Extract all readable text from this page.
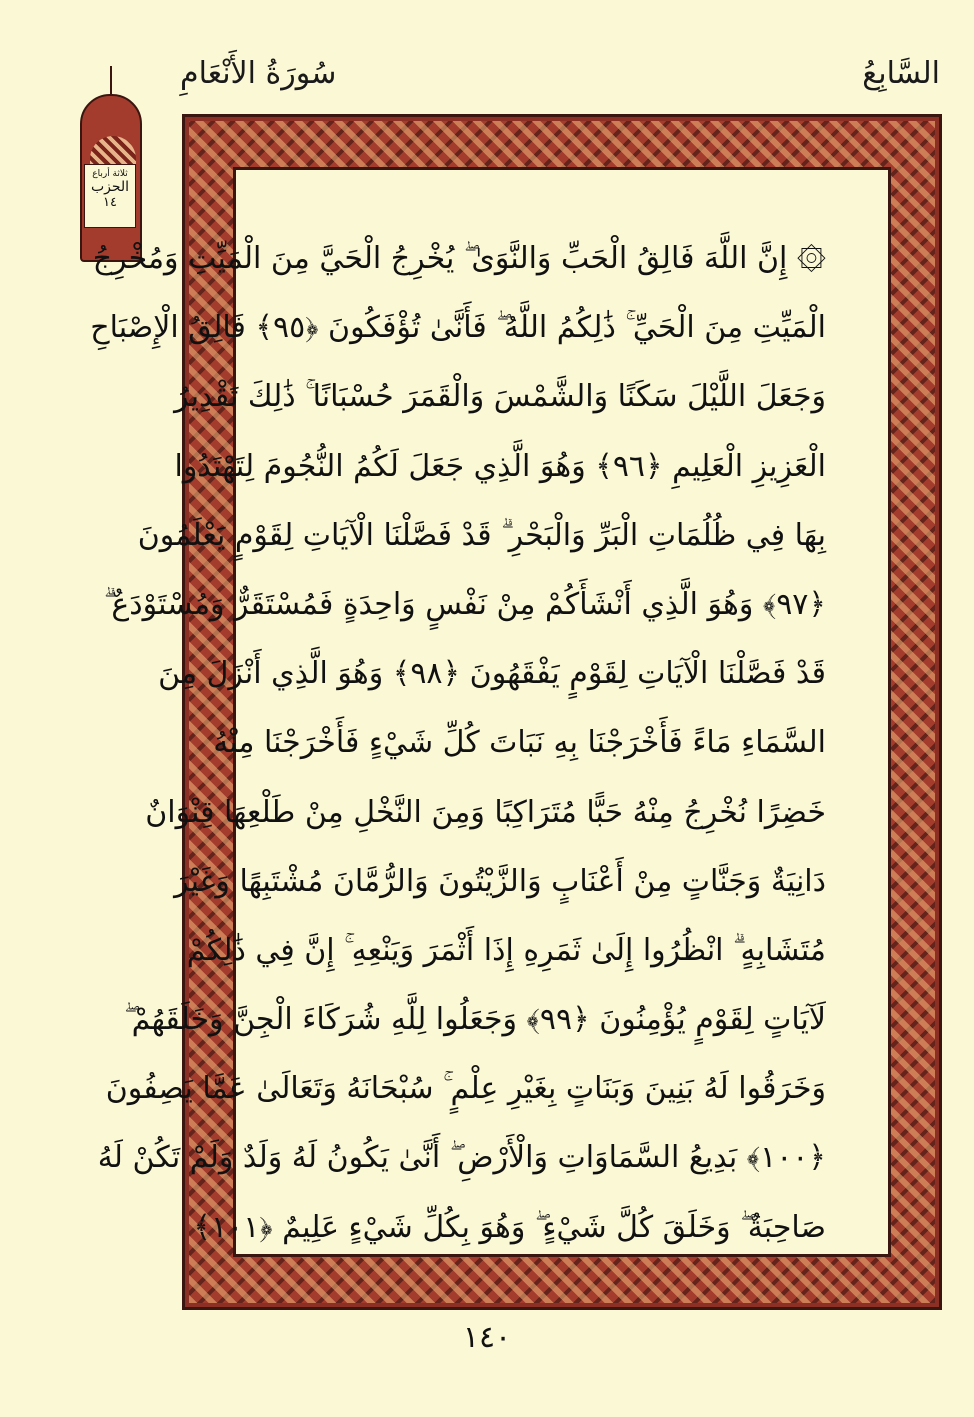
السَّابِعُ
سُورَةُ الأَنْعَامِ
ثلاثة أرباع
الحزب
١٤
۞ إِنَّ اللَّهَ فَالِقُ الْحَبِّ وَالنَّوَىٰ ۖ يُخْرِجُ الْحَيَّ مِنَ الْمَيِّتِ وَمُخْرِجُ
الْمَيِّتِ مِنَ الْحَيِّ ۚ ذَٰلِكُمُ اللَّهُ ۖ فَأَنَّىٰ تُؤْفَكُونَ ﴿٩٥﴾ فَالِقُ الْإِصْبَاحِ
وَجَعَلَ اللَّيْلَ سَكَنًا وَالشَّمْسَ وَالْقَمَرَ حُسْبَانًا ۚ ذَٰلِكَ تَقْدِيرُ
الْعَزِيزِ الْعَلِيمِ ﴿٩٦﴾ وَهُوَ الَّذِي جَعَلَ لَكُمُ النُّجُومَ لِتَهْتَدُوا
بِهَا فِي ظُلُمَاتِ الْبَرِّ وَالْبَحْرِ ۗ قَدْ فَصَّلْنَا الْآيَاتِ لِقَوْمٍ يَعْلَمُونَ
﴿٩٧﴾ وَهُوَ الَّذِي أَنْشَأَكُمْ مِنْ نَفْسٍ وَاحِدَةٍ فَمُسْتَقَرٌّ وَمُسْتَوْدَعٌ ۗ
قَدْ فَصَّلْنَا الْآيَاتِ لِقَوْمٍ يَفْقَهُونَ ﴿٩٨﴾ وَهُوَ الَّذِي أَنْزَلَ مِنَ
السَّمَاءِ مَاءً فَأَخْرَجْنَا بِهِ نَبَاتَ كُلِّ شَيْءٍ فَأَخْرَجْنَا مِنْهُ
خَضِرًا نُخْرِجُ مِنْهُ حَبًّا مُتَرَاكِبًا وَمِنَ النَّخْلِ مِنْ طَلْعِهَا قِنْوَانٌ
دَانِيَةٌ وَجَنَّاتٍ مِنْ أَعْنَابٍ وَالزَّيْتُونَ وَالرُّمَّانَ مُشْتَبِهًا وَغَيْرَ
مُتَشَابِهٍ ۗ انْظُرُوا إِلَىٰ ثَمَرِهِ إِذَا أَثْمَرَ وَيَنْعِهِ ۚ إِنَّ فِي ذَٰلِكُمْ
لَآيَاتٍ لِقَوْمٍ يُؤْمِنُونَ ﴿٩٩﴾ وَجَعَلُوا لِلَّهِ شُرَكَاءَ الْجِنَّ وَخَلَقَهُمْ ۖ
وَخَرَقُوا لَهُ بَنِينَ وَبَنَاتٍ بِغَيْرِ عِلْمٍ ۚ سُبْحَانَهُ وَتَعَالَىٰ عَمَّا يَصِفُونَ
﴿١٠٠﴾ بَدِيعُ السَّمَاوَاتِ وَالْأَرْضِ ۖ أَنَّىٰ يَكُونُ لَهُ وَلَدٌ وَلَمْ تَكُنْ لَهُ
صَاحِبَةٌ ۖ وَخَلَقَ كُلَّ شَيْءٍ ۖ وَهُوَ بِكُلِّ شَيْءٍ عَلِيمٌ ﴿١٠١﴾
١٤٠
